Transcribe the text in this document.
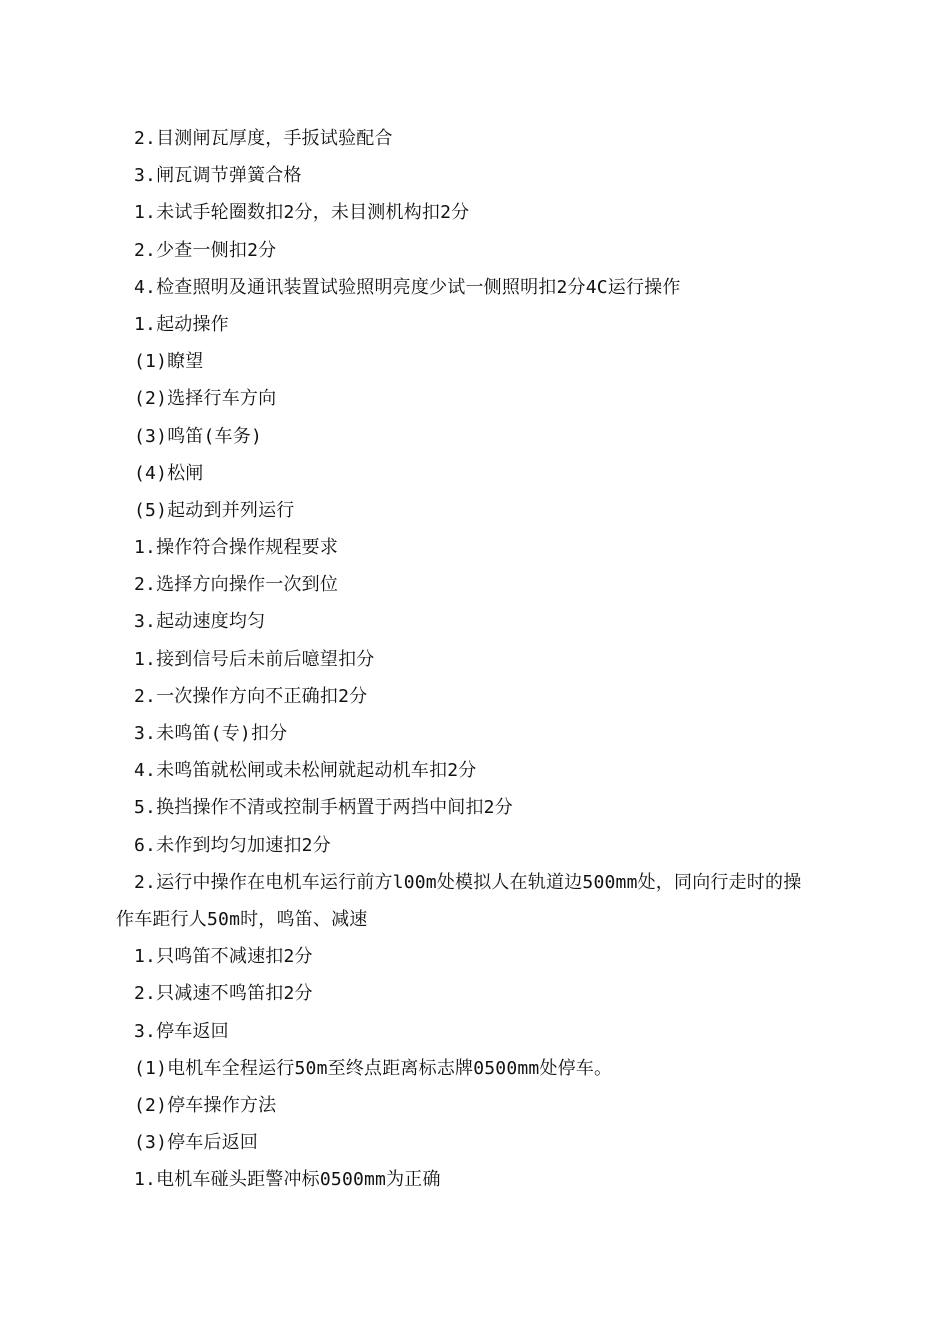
2.目测闸瓦厚度，手扳试验配合
3.闸瓦调节弹簧合格
1.未试手轮圈数扣2分，未目测机构扣2分
2.少查一侧扣2分
4.检查照明及通讯装置试验照明亮度少试一侧照明扣2分4C运行操作
1.起动操作
(1)瞭望
(2)选择行车方向
(3)鸣笛(车务)
(4)松闸
(5)起动到并列运行
1.操作符合操作规程要求
2.选择方向操作一次到位
3.起动速度均匀
1.接到信号后未前后噫望扣分
2.一次操作方向不正确扣2分
3.未鸣笛(专)扣分
4.未鸣笛就松闸或未松闸就起动机车扣2分
5.换挡操作不清或控制手柄置于两挡中间扣2分
6.未作到均匀加速扣2分
2.运行中操作在电机车运行前方l00m处模拟人在轨道边500mm处，同向行走时的操
作车距行人50m时，鸣笛、减速
1.只鸣笛不减速扣2分
2.只减速不鸣笛扣2分
3.停车返回
(1)电机车全程运行50m至终点距离标志牌0500mm处停车。
(2)停车操作方法
(3)停车后返回
1.电机车碰头距警冲标0500mm为正确
